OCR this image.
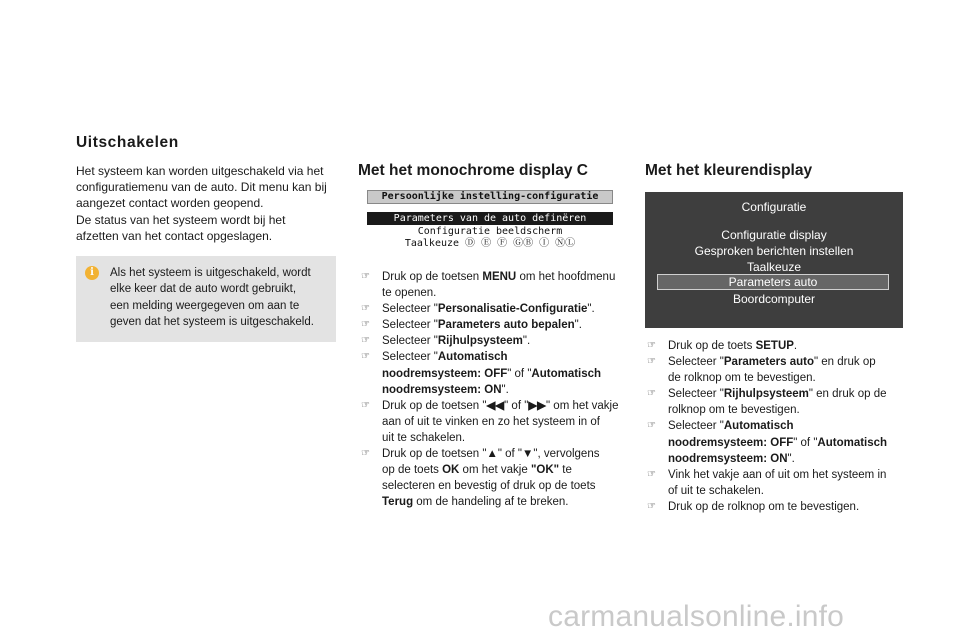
Uitschakelen
Het systeem kan worden uitgeschakeld via het
configuratiemenu van de auto. Dit menu kan bij
aangezet contact worden geopend.
De status van het systeem wordt bij het
afzetten van het contact opgeslagen.
i	Als het systeem is uitgeschakeld, wordt
elke keer dat de auto wordt gebruikt,
een melding weergegeven om aan te
geven dat het systeem is uitgeschakeld.
Met het monochrome display C
Persoonlijke instelling-configuratie
Parameters van de auto definëren
Configuratie beeldscherm
Taalkeuze Ⓓ Ⓔ Ⓕ ⒼⒷ Ⓘ ⓃⓁ
☞ Druk op de toetsen MENU om het hoofdmenu
te openen.
☞ Selecteer "Personalisatie-Configuratie".
☞ Selecteer "Parameters auto bepalen".
☞ Selecteer "Rijhulpsysteem".
☞ Selecteer "Automatisch
noodremsysteem: OFF" of "Automatisch
noodremsysteem: ON".
☞ Druk op de toetsen "◀◀" of "▶▶" om het vakje
aan of uit te vinken en zo het systeem in of
uit te schakelen.
☞ Druk op de toetsen "▲" of "▼", vervolgens
op de toets OK om het vakje "OK" te
selecteren en bevestig of druk op de toets
Terug om de handeling af te breken.
Met het kleurendisplay
Configuratie
Configuratie display
Gesproken berichten instellen
Taalkeuze
Parameters auto
Boordcomputer
☞ Druk op de toets SETUP.
☞ Selecteer "Parameters auto" en druk op
de rolknop om te bevestigen.
☞ Selecteer "Rijhulpsysteem" en druk op de
rolknop om te bevestigen.
☞ Selecteer "Automatisch
noodremsysteem: OFF" of "Automatisch
noodremsysteem: ON".
☞ Vink het vakje aan of uit om het systeem in
of uit te schakelen.
☞ Druk op de rolknop om te bevestigen.
carmanualsonline.info
